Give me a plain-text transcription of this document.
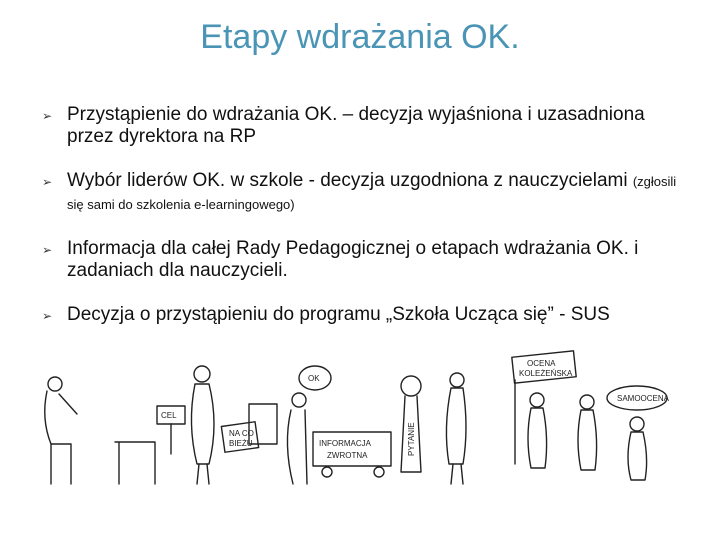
Etapy wdrażania OK.
➢ Przystąpienie do wdrażania OK. – decyzja wyjaśniona i uzasadniona przez dyrektora na RP
➢ Wybór liderów OK. w szkole - decyzja uzgodniona z nauczycielami (zgłosili się sami do szkolenia e-learningowego)
➢ Informacja dla całej Rady Pedagogicznej o etapach wdrażania OK. i zadaniach dla nauczycieli.
➢ Decyzja o przystąpieniu do programu „Szkoła Ucząca się” - SUS
CEL
NA CO
BIEŻU
OK
INFORMACJA
ZWROTNA	PYTANIE
OCENA
KOLEŻEŃSKA
SAMOOCENA
